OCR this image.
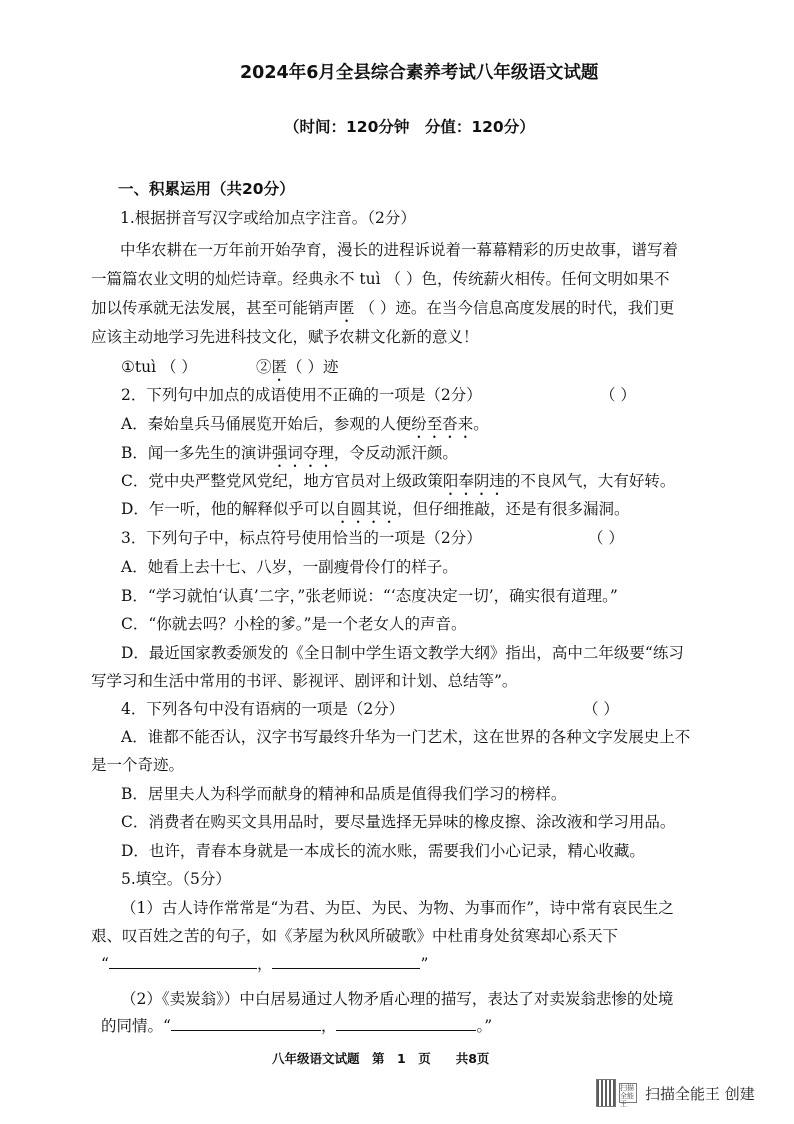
2024年6月全县综合素养考试八年级语文试题
（时间：120分钟　分值：120分）
一、积累运用（共20分）
1.根据拼音写汉字或给加点字注音。（2分）
中华农耕在一万年前开始孕育，漫长的进程诉说着一幕幕精彩的历史故事，谱写着
一篇篇农业文明的灿烂诗章。经典永不 tuì （ ）色，传统薪火相传。任何文明如果不
加以传承就无法发展，甚至可能销声匿 （ ）迹。在当今信息高度发展的时代，我们更
应该主动地学习先进科技文化，赋予农耕文化新的意义！
①tuì （ ）	②匿（ ）迹
2．下列句中加点的成语使用不正确的一项是（2分）	（ ）
A．秦始皇兵马俑展览开始后，参观的人便纷至沓来。
B．闻一多先生的演讲强词夺理，令反动派汗颜。
C．党中央严整党风党纪，地方官员对上级政策阳奉阴违的不良风气，大有好转。
D．乍一听，他的解释似乎可以自圆其说，但仔细推敲，还是有很多漏洞。
3．下列句子中，标点符号使用恰当的一项是（2分）	（ ）
A．她看上去十七、八岁，一副瘦骨伶仃的样子。
B．“学习就怕‘认真’二字，”张老师说：“‘态度决定一切’，确实很有道理。”
C．“你就去吗？小栓的爹。”是一个老女人的声音。
D．最近国家教委颁发的《全日制中学生语文教学大纲》指出，高中二年级要“练习
写学习和生活中常用的书评、影视评、剧评和计划、总结等”。
4．下列各句中没有语病的一项是（2分）	（ ）
A．谁都不能否认，汉字书写最终升华为一门艺术，这在世界的各种文字发展史上不
是一个奇迹。
B．居里夫人为科学而献身的精神和品质是值得我们学习的榜样。
C．消费者在购买文具用品时，要尽量选择无异味的橡皮擦、涂改液和学习用品。
D．也许，青春本身就是一本成长的流水账，需要我们小心记录，精心收藏。
5.填空。（5分）
（1）古人诗作常常是“为君、为臣、为民、为物、为事而作”，诗中常有哀民生之
艰、叹百姓之苦的句子，如《茅屋为秋风所破歌》中杜甫身处贫寒却心系天下
“	，	”
（2）《卖炭翁》）中白居易通过人物矛盾心理的描写，表达了对卖炭翁悲惨的处境
的同情。“	，	。”
八年级语文试题　第　1　页　　共8页
扫描全能王
扫描全能王 创建
